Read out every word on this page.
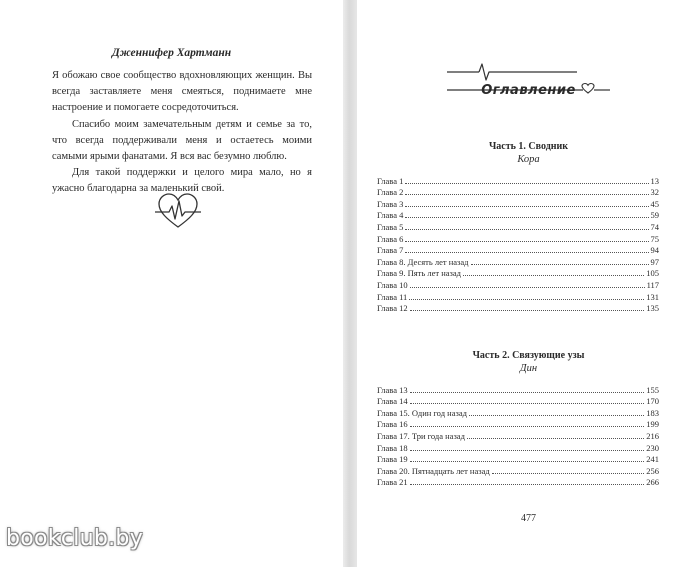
Дженнифер Хартманн

Я обожаю свое сообщество вдохновляющих женщин. Вы всегда заставляете меня смеяться, поднимаете мне настроение и помогаете сосредоточиться.

Спасибо моим замечательным детям и семье за то, что всегда поддерживали меня и остаетесь моими самыми ярыми фанатами. Я вся вас безумно люблю.

Для такой поддержки и целого мира мало, но я ужасно благодарна за маленький свой.

bookclub.by
Оглавление
Часть 1. Сводник
Кора
Глава 1	13
Глава 2	32
Глава 3	45
Глава 4	59
Глава 5	74
Глава 6	75
Глава 7	94
Глава 8. Десять лет назад	97
Глава 9. Пять лет назад	105
Глава 10	117
Глава 11	131
Глава 12	135
Часть 2. Связующие узы
Дин
Глава 13	155
Глава 14	170
Глава 15. Один год назад	183
Глава 16	199
Глава 17. Три года назад	216
Глава 18	230
Глава 19	241
Глава 20. Пятнадцать лет назад	256
Глава 21	266
477
